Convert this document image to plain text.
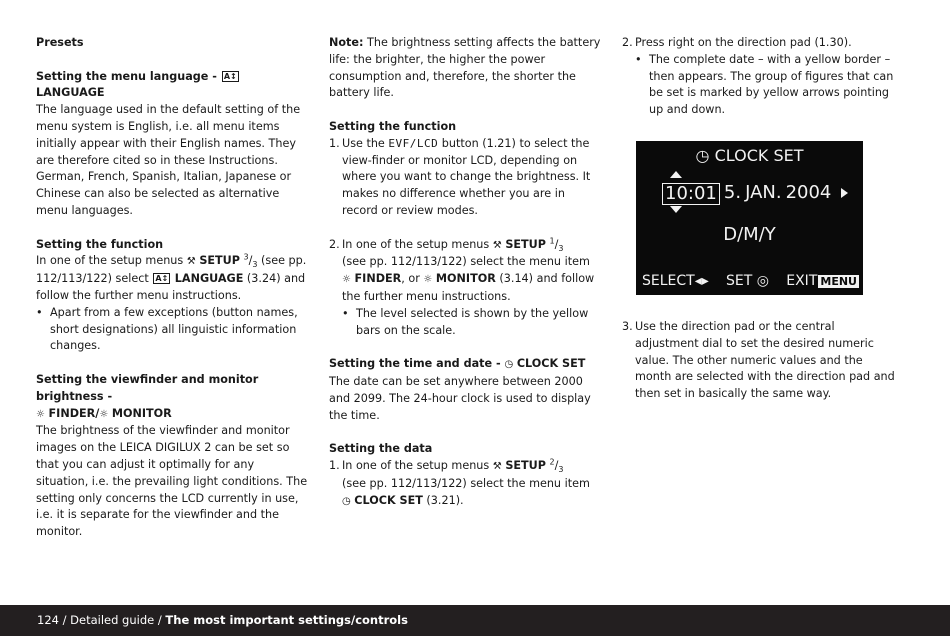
Presets

Setting the menu language - A↕ LANGUAGE

The language used in the default setting of the menu system is English, i.e. all menu items initially appear with their English names. They are therefore cited so in these Instructions.

German, French, Spanish, Italian, Japanese or Chinese can also be selected as alternative menu languages.

Setting the function

In one of the setup menus ⚒ SETUP $^3/_3$ (see pp. 112/113/122) select A↕ LANGUAGE (3.24) and follow the further menu instructions.

• Apart from a few exceptions (button names, short designations) all linguistic information changes.

Setting the viewfinder and monitor brightness -
☼ FINDER/☼ MONITOR

The brightness of the viewfinder and monitor images on the LEICA DIGILUX 2 can be set so that you can adjust it optimally for any situation, i.e. the prevailing light conditions. The setting only concerns the LCD currently in use, i.e. it is separate for the viewfinder and the monitor.

Note: The brightness setting affects the battery life: the brighter, the higher the power consumption and, therefore, the shorter the battery life.

Setting the function

1. Use the EVF/LCD button (1.21) to select the view-finder or monitor LCD, depending on where you want to change the brightness. It makes no difference whether you are in record or review modes.
2. In one of the setup menus ⚒ SETUP $^1/_3$
(see pp. 112/113/122) select the menu item
☼ FINDER, or ☼ MONITOR (3.14) and follow the further menu instructions.
• The level selected is shown by the yellow bars on the scale.

Setting the time and date - ◷ CLOCK SET

The date can be set anywhere between 2000 and 2099. The 24-hour clock is used to display the time.

Setting the data

1. In one of the setup menus ⚒ SETUP $^2/_3$
(see pp. 112/113/122) select the menu item
◷ CLOCK SET (3.21).
2. Press right on the direction pad (1.30).
• The complete date – with a yellow border – then appears. The group of figures that can be set is marked by yellow arrows pointing up and down.
3. Use the direction pad or the central adjustment dial to set the desired numeric value. The other numeric values and the month are selected with the direction pad and then set in basically the same way.
◷ CLOCK SET
10:01 5. JAN. 2004
D/M/Y
SELECT◂▸ SET ◎ EXIT MENU
124 / Detailed guide / The most important settings/controls
